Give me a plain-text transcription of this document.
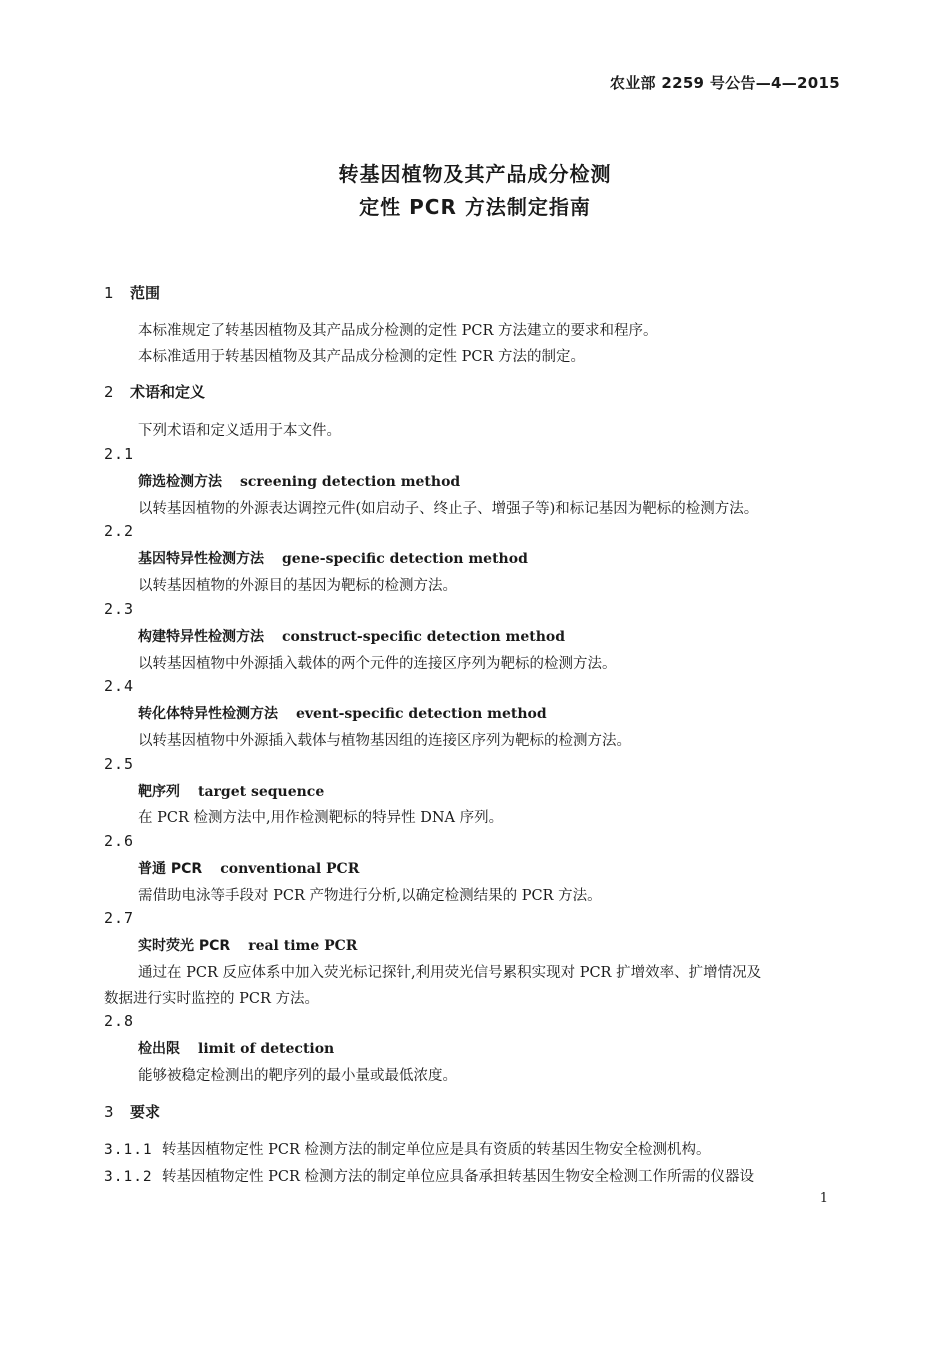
农业部 2259 号公告—4—2015
转基因植物及其产品成分检测
定性 PCR 方法制定指南
1 范围
本标准规定了转基因植物及其产品成分检测的定性 PCR 方法建立的要求和程序。
本标准适用于转基因植物及其产品成分检测的定性 PCR 方法的制定。
2 术语和定义
下列术语和定义适用于本文件。
2.1
筛选检测方法 screening detection method
以转基因植物的外源表达调控元件(如启动子、终止子、增强子等)和标记基因为靶标的检测方法。
2.2
基因特异性检测方法 gene-specific detection method
以转基因植物的外源目的基因为靶标的检测方法。
2.3
构建特异性检测方法 construct-specific detection method
以转基因植物中外源插入载体的两个元件的连接区序列为靶标的检测方法。
2.4
转化体特异性检测方法 event-specific detection method
以转基因植物中外源插入载体与植物基因组的连接区序列为靶标的检测方法。
2.5
靶序列 target sequence
在 PCR 检测方法中,用作检测靶标的特异性 DNA 序列。
2.6
普通 PCR conventional PCR
需借助电泳等手段对 PCR 产物进行分析,以确定检测结果的 PCR 方法。
2.7
实时荧光 PCR real time PCR
通过在 PCR 反应体系中加入荧光标记探针,利用荧光信号累积实现对 PCR 扩增效率、扩增情况及
数据进行实时监控的 PCR 方法。
2.8
检出限 limit of detection
能够被稳定检测出的靶序列的最小量或最低浓度。
3 要求
3.1.1 转基因植物定性 PCR 检测方法的制定单位应是具有资质的转基因生物安全检测机构。
3.1.2 转基因植物定性 PCR 检测方法的制定单位应具备承担转基因生物安全检测工作所需的仪器设
1
